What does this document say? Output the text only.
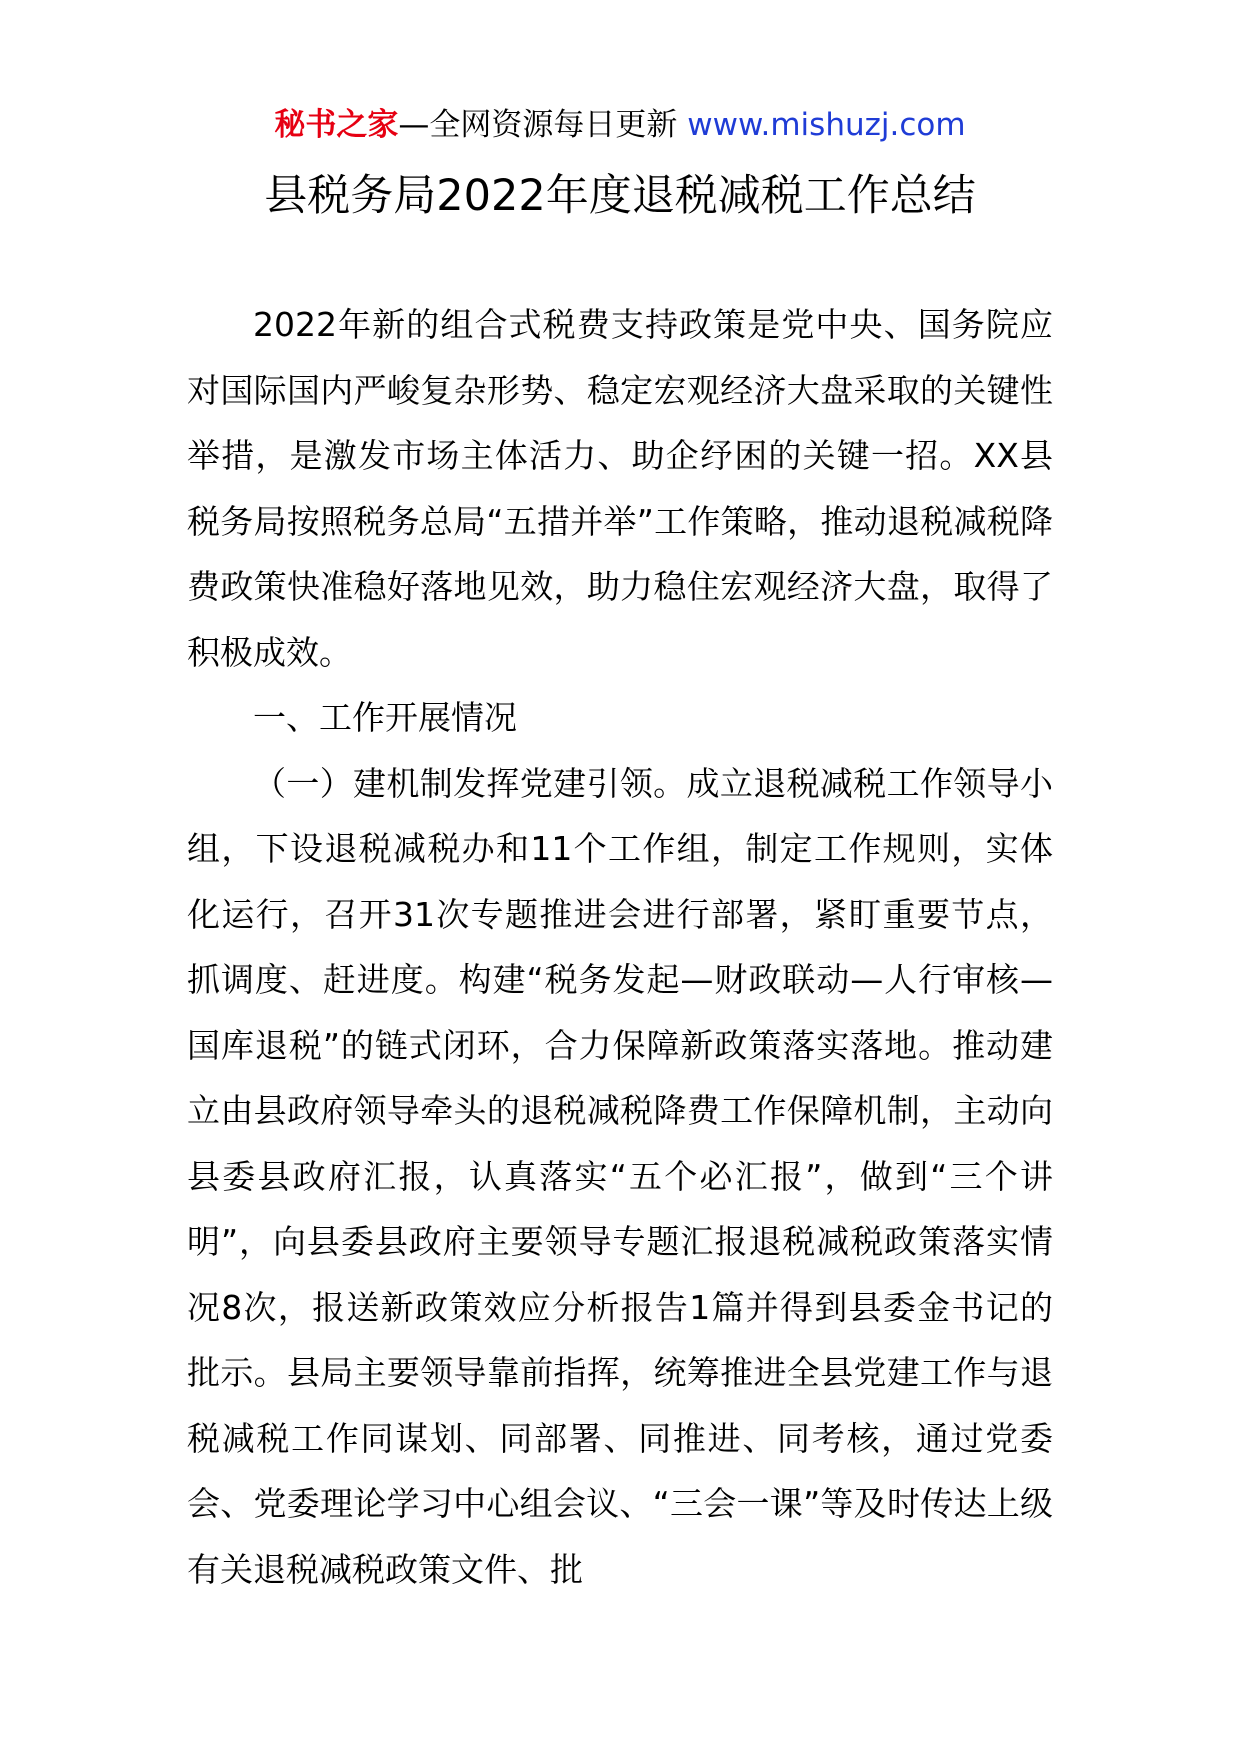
秘书之家—全网资源每日更新 www.mishuzj.com
县税务局2022年度退税减税工作总结

2022年新的组合式税费支持政策是党中央、国务院应对国际国内严峻复杂形势、稳定宏观经济大盘采取的关键性举措，是激发市场主体活力、助企纾困的关键一招。XX县税务局按照税务总局“五措并举”工作策略，推动退税减税降费政策快准稳好落地见效，助力稳住宏观经济大盘，取得了积极成效。

一、工作开展情况

（一）建机制发挥党建引领。成立退税减税工作领导小组，下设退税减税办和11个工作组，制定工作规则，实体化运行，召开31次专题推进会进行部署，紧盯重要节点，抓调度、赶进度。构建“税务发起—财政联动—人行审核—国库退税”的链式闭环，合力保障新政策落实落地。推动建立由县政府领导牵头的退税减税降费工作保障机制，主动向县委县政府汇报，认真落实“五个必汇报”，做到“三个讲明”，向县委县政府主要领导专题汇报退税减税政策落实情况8次，报送新政策效应分析报告1篇并得到县委金书记的批示。县局主要领导靠前指挥，统筹推进全县党建工作与退税减税工作同谋划、同部署、同推进、同考核，通过党委会、党委理论学习中心组会议、“三会一课”等及时传达上级有关退税减税政策文件、批
